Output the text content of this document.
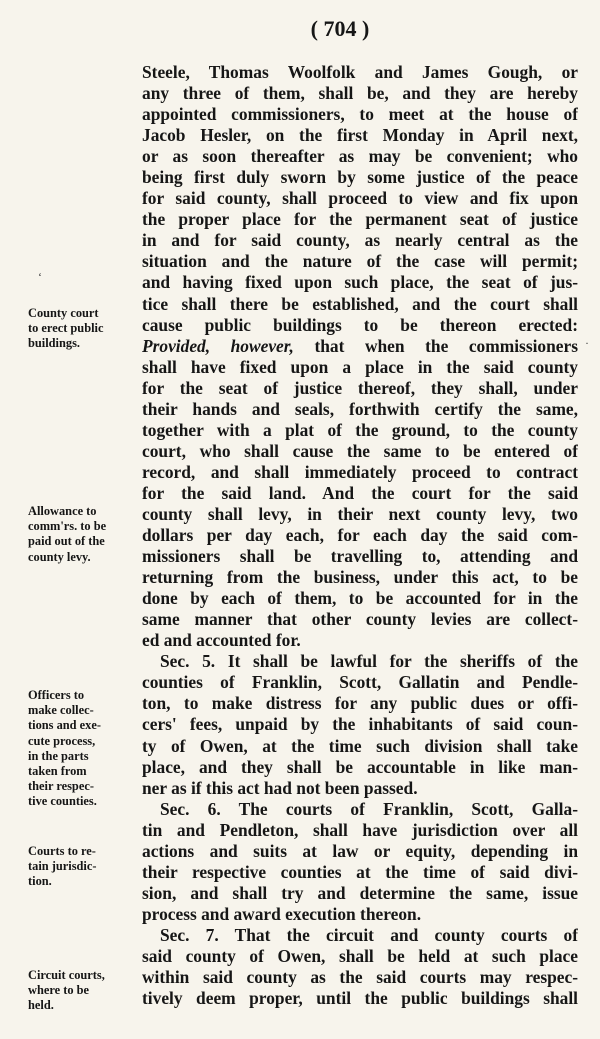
( 704 )
Steele, Thomas Woolfolk and James Gough, or
any three of them, shall be, and they are hereby
appointed commissioners, to meet at the house of
Jacob Hesler, on the first Monday in April next,
or as soon thereafter as may be convenient; who
being first duly sworn by some justice of the peace
for said county, shall proceed to view and fix upon
the proper place for the permanent seat of justice
in and for said county, as nearly central as the
situation and the nature of the case will permit;
and having fixed upon such place, the seat of jus-
tice shall there be established, and the court shall
cause public buildings to be thereon erected:
Provided, however, that when the commissioners
shall have fixed upon a place in the said county
for the seat of justice thereof, they shall, under
their hands and seals, forthwith certify the same,
together with a plat of the ground, to the county
court, who shall cause the same to be entered of
record, and shall immediately proceed to contract
for the said land. And the court for the said
county shall levy, in their next county levy, two
dollars per day each, for each day the said com-
missioners shall be travelling to, attending and
returning from the business, under this act, to be
done by each of them, to be accounted for in the
same manner that other county levies are collect-
ed and accounted for.
Sec. 5. It shall be lawful for the sheriffs of the
counties of Franklin, Scott, Gallatin and Pendle-
ton, to make distress for any public dues or offi-
cers' fees, unpaid by the inhabitants of said coun-
ty of Owen, at the time such division shall take
place, and they shall be accountable in like man-
ner as if this act had not been passed.
Sec. 6. The courts of Franklin, Scott, Galla-
tin and Pendleton, shall have jurisdiction over all
actions and suits at law or equity, depending in
their respective counties at the time of said divi-
sion, and shall try and determine the same, issue
process and award execution thereon.
Sec. 7. That the circuit and county courts of
said county of Owen, shall be held at such place
within said county as the said courts may respec-
tively deem proper, until the public buildings shall
County court
to erect public
buildings.
Allowance to
comm'rs. to be
paid out of the
county levy.
Officers to
make collec-
tions and exe-
cute process,
in the parts
taken from
their respec-
tive counties.
Courts to re-
tain jurisdic-
tion.
Circuit courts,
where to be
held.
‘
·
